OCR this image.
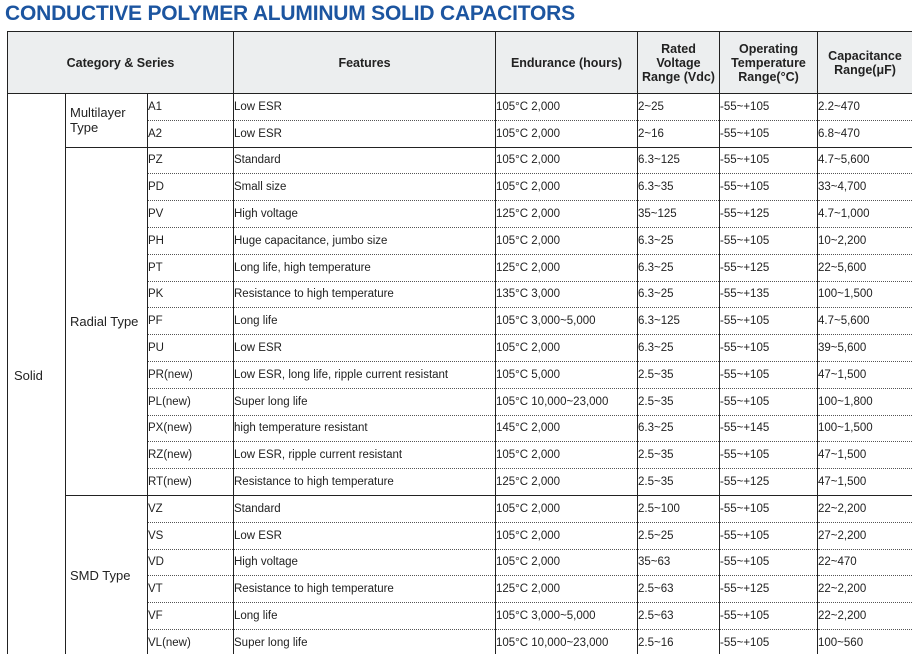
CONDUCTIVE POLYMER ALUMINUM SOLID CAPACITORS
Category & Series			Features	Endurance (hours)	Rated Voltage Range (Vdc)	Operating Temperature Range(°C)	Capacitance Range(μF)
Solid	Multilayer Type	A1	Low ESR	105°C 2,000	2~25	-55~+105	2.2~470
		A2	Low ESR	105°C 2,000	2~16	-55~+105	6.8~470
	Radial Type	PZ	Standard	105°C 2,000	6.3~125	-55~+105	4.7~5,600
		PD	Small size	105°C 2,000	6.3~35	-55~+105	33~4,700
		PV	High voltage	125°C 2,000	35~125	-55~+125	4.7~1,000
		PH	Huge capacitance, jumbo size	105°C 2,000	6.3~25	-55~+105	10~2,200
		PT	Long life, high temperature	125°C 2,000	6.3~25	-55~+125	22~5,600
		PK	Resistance to high temperature	135°C 3,000	6.3~25	-55~+135	100~1,500
		PF	Long life	105°C 3,000~5,000	6.3~125	-55~+105	4.7~5,600
		PU	Low ESR	105°C 2,000	6.3~25	-55~+105	39~5,600
		PR(new)	Low ESR, long life, ripple current resistant	105°C 5,000	2.5~35	-55~+105	47~1,500
		PL(new)	Super long life	105°C 10,000~23,000	2.5~35	-55~+105	100~1,800
		PX(new)	high temperature resistant	145°C 2,000	6.3~25	-55~+145	100~1,500
		RZ(new)	Low ESR, ripple current resistant	105°C 2,000	2.5~35	-55~+105	47~1,500
		RT(new)	Resistance to high temperature	125°C 2,000	2.5~35	-55~+125	47~1,500
	SMD Type	VZ	Standard	105°C 2,000	2.5~100	-55~+105	22~2,200
		VS	Low ESR	105°C 2,000	2.5~25	-55~+105	27~2,200
		VD	High voltage	105°C 2,000	35~63	-55~+105	22~470
		VT	Resistance to high temperature	125°C 2,000	2.5~63	-55~+125	22~2,200
		VF	Long life	105°C 3,000~5,000	2.5~63	-55~+105	22~2,200
		VL(new)	Super long life	105°C 10,000~23,000	2.5~16	-55~+105	100~560
